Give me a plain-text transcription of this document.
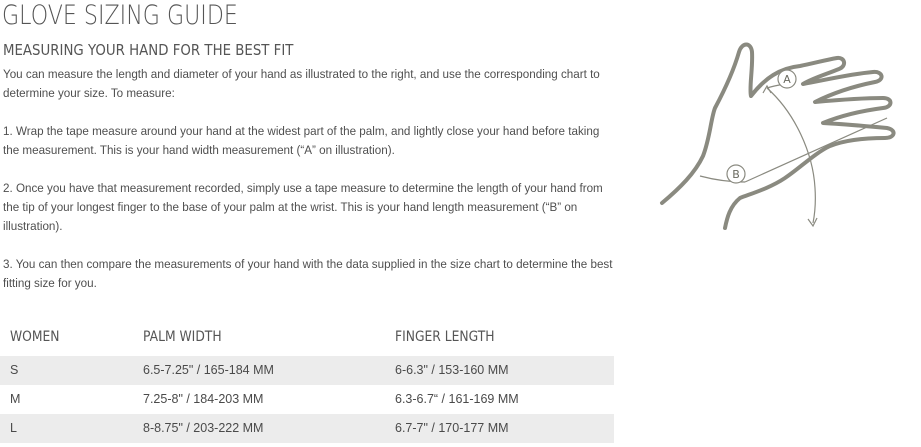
GLOVE SIZING GUIDE
MEASURING YOUR HAND FOR THE BEST FIT

You can measure the length and diameter of your hand as illustrated to the right, and use the corresponding chart to determine your size. To measure:

1. Wrap the tape measure around your hand at the widest part of the palm, and lightly close your hand before taking the measurement. This is your hand width measurement (“A” on illustration).

2. Once you have that measurement recorded, simply use a tape measure to determine the length of your hand from the tip of your longest finger to the base of your palm at the wrist. This is your hand length measurement (“B” on illustration).

3. You can then compare the measurements of your hand with the data supplied in the size chart to determine the best fitting size for you.

A
B
WOMEN	PALM WIDTH	FINGER LENGTH
S	6.5-7.25" / 165-184 MM	6-6.3" / 153-160 MM
M	7.25-8" / 184-203 MM	6.3-6.7“ / 161-169 MM
L	8-8.75" / 203-222 MM	6.7-7" / 170-177 MM
